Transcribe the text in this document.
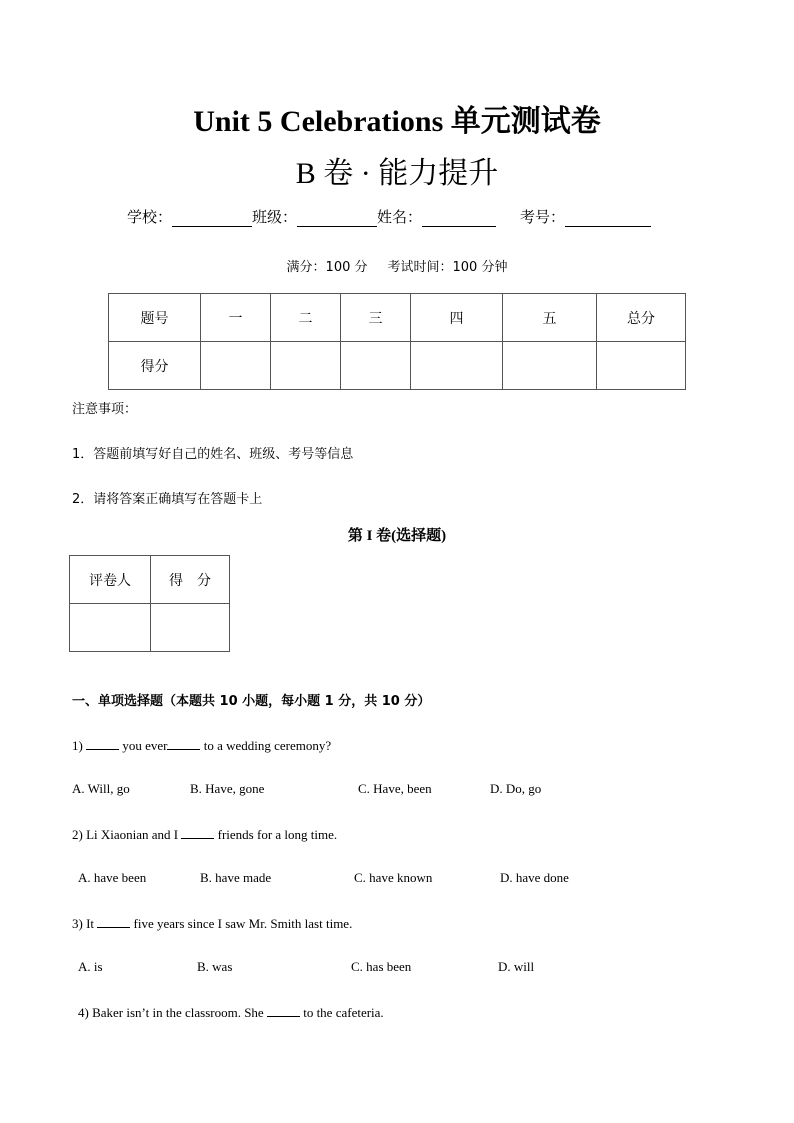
Unit 5 Celebrations 单元测试卷
B 卷 · 能力提升
学校：	班级：	姓名：	考号：
满分：100 分 考试时间：100 分钟
题号	一	二	三	四	五	总分
得分						
注意事项：
1．答题前填写好自己的姓名、班级、考号等信息
2．请将答案正确填写在答题卡上
第 I 卷(选择题)
评卷人	得　分

一、单项选择题（本题共 10 小题，每小题 1 分，共 10 分）
1)	you ever	to a wedding ceremony?
A. Will, go	B. Have, gone	C. Have, been	D. Do, go
2) Li Xiaonian and I	friends for a long time.
A. have been	B. have made	C. have known	D. have done
3) It	five years since I saw Mr. Smith last time.
A. is	B. was	C. has been	D. will
4) Baker isn’t in the classroom. She	to the cafeteria.
